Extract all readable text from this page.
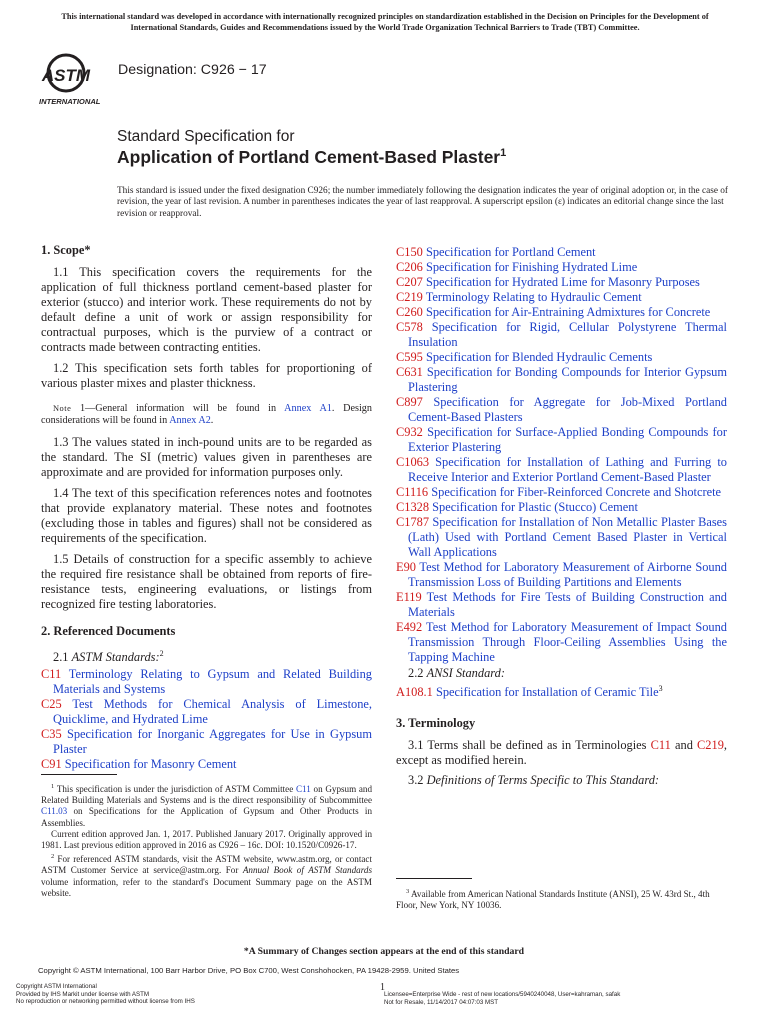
This international standard was developed in accordance with internationally recognized principles on standardization established in the Decision on Principles for the Development of International Standards, Guides and Recommendations issued by the World Trade Organization Technical Barriers to Trade (TBT) Committee.
ASTM
INTERNATIONAL
Designation: C926 − 17
Standard Specification for
Application of Portland Cement-Based Plaster$^1$
This standard is issued under the fixed designation C926; the number immediately following the designation indicates the year of original adoption or, in the case of revision, the year of last revision. A number in parentheses indicates the year of last reapproval. A superscript epsilon (ε) indicates an editorial change since the last revision or reapproval.
1. Scope*

1.1 This specification covers the requirements for the application of full thickness portland cement-based plaster for exterior (stucco) and interior work. These requirements do not by default define a unit of work or assign responsibility for contractual purposes, which is the purview of a contract or contracts made between contracting entities.

1.2 This specification sets forth tables for proportioning of various plaster mixes and plaster thickness.

Note 1—General information will be found in Annex A1. Design considerations will be found in Annex A2.

1.3 The values stated in inch-pound units are to be regarded as the standard. The SI (metric) values given in parentheses are approximate and are provided for information purposes only.

1.4 The text of this specification references notes and footnotes that provide explanatory material. These notes and footnotes (excluding those in tables and figures) shall not be considered as requirements of the specification.

1.5 Details of construction for a specific assembly to achieve the required fire resistance shall be obtained from reports of fire-resistance tests, engineering evaluations, or listings from recognized fire testing laboratories.

2. Referenced Documents

2.1 ASTM Standards:$^2$

C11 Terminology Relating to Gypsum and Related Building Materials and Systems

C25 Test Methods for Chemical Analysis of Limestone, Quicklime, and Hydrated Lime

C35 Specification for Inorganic Aggregates for Use in Gypsum Plaster

C91 Specification for Masonry Cement

C150 Specification for Portland Cement

C206 Specification for Finishing Hydrated Lime

C207 Specification for Hydrated Lime for Masonry Purposes

C219 Terminology Relating to Hydraulic Cement

C260 Specification for Air-Entraining Admixtures for Concrete

C578 Specification for Rigid, Cellular Polystyrene Thermal Insulation

C595 Specification for Blended Hydraulic Cements

C631 Specification for Bonding Compounds for Interior Gypsum Plastering

C897 Specification for Aggregate for Job-Mixed Portland Cement-Based Plasters

C932 Specification for Surface-Applied Bonding Compounds for Exterior Plastering

C1063 Specification for Installation of Lathing and Furring to Receive Interior and Exterior Portland Cement-Based Plaster

C1116 Specification for Fiber-Reinforced Concrete and Shotcrete

C1328 Specification for Plastic (Stucco) Cement

C1787 Specification for Installation of Non Metallic Plaster Bases (Lath) Used with Portland Cement Based Plaster in Vertical Wall Applications

E90 Test Method for Laboratory Measurement of Airborne Sound Transmission Loss of Building Partitions and Elements

E119 Test Methods for Fire Tests of Building Construction and Materials

E492 Test Method for Laboratory Measurement of Impact Sound Transmission Through Floor-Ceiling Assemblies Using the Tapping Machine

2.2 ANSI Standard:

A108.1 Specification for Installation of Ceramic Tile$^3$

3. Terminology

3.1 Terms shall be defined as in Terminologies C11 and C219, except as modified herein.

3.2 Definitions of Terms Specific to This Standard:

$^1$ This specification is under the jurisdiction of ASTM Committee C11 on Gypsum and Related Building Materials and Systems and is the direct responsibility of Subcommittee C11.03 on Specifications for the Application of Gypsum and Other Products in Assemblies.

Current edition approved Jan. 1, 2017. Published January 2017. Originally approved in 1981. Last previous edition approved in 2016 as C926 – 16c. DOI: 10.1520/C0926-17.

$^2$ For referenced ASTM standards, visit the ASTM website, www.astm.org, or contact ASTM Customer Service at service@astm.org. For Annual Book of ASTM Standards volume information, refer to the standard's Document Summary page on the ASTM website.	$^3$ Available from American National Standards Institute (ANSI), 25 W. 43rd St., 4th Floor, New York, NY 10036.
*A Summary of Changes section appears at the end of this standard
Copyright © ASTM International, 100 Barr Harbor Drive, PO Box C700, West Conshohocken, PA 19428-2959. United States
Copyright ASTM International
Provided by IHS Markit under license with ASTM
No reproduction or networking permitted without license from IHS
1
Licensee=Enterprise Wide - rest of new locations/5940240048, User=kahraman, safak
Not for Resale, 11/14/2017 04:07:03 MST
